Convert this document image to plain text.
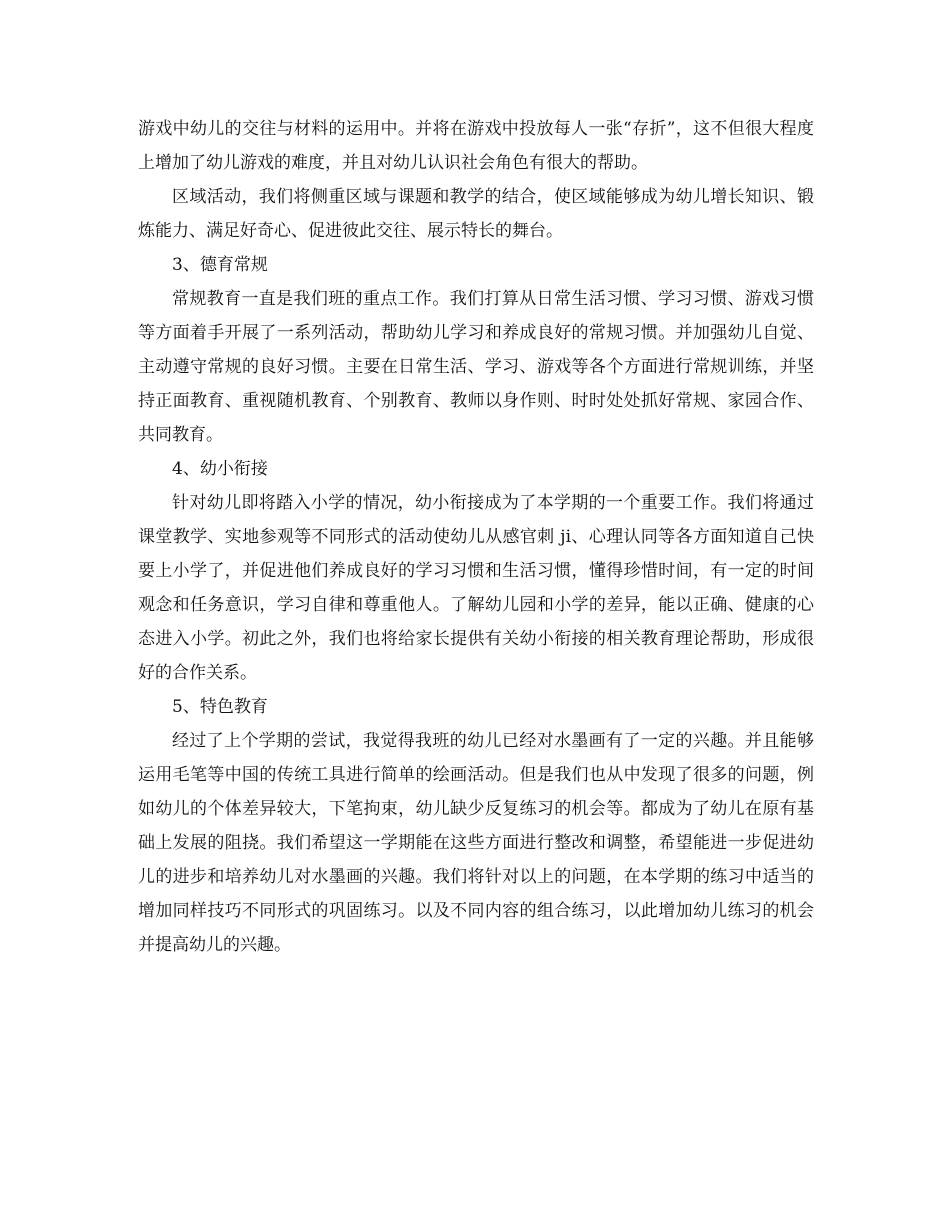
游戏中幼儿的交往与材料的运用中。并将在游戏中投放每人一张“存折”，这不但很大程度上增加了幼儿游戏的难度，并且对幼儿认识社会角色有很大的帮助。

区域活动，我们将侧重区域与课题和教学的结合，使区域能够成为幼儿增长知识、锻炼能力、满足好奇心、促进彼此交往、展示特长的舞台。

3、德育常规

常规教育一直是我们班的重点工作。我们打算从日常生活习惯、学习习惯、游戏习惯等方面着手开展了一系列活动，帮助幼儿学习和养成良好的常规习惯。并加强幼儿自觉、主动遵守常规的良好习惯。主要在日常生活、学习、游戏等各个方面进行常规训练，并坚持正面教育、重视随机教育、个别教育、教师以身作则、时时处处抓好常规、家园合作、共同教育。

4、幼小衔接

针对幼儿即将踏入小学的情况，幼小衔接成为了本学期的一个重要工作。我们将通过课堂教学、实地参观等不同形式的活动使幼儿从感官刺 ji、心理认同等各方面知道自己快要上小学了，并促进他们养成良好的学习习惯和生活习惯，懂得珍惜时间，有一定的时间观念和任务意识，学习自律和尊重他人。了解幼儿园和小学的差异，能以正确、健康的心态进入小学。初此之外，我们也将给家长提供有关幼小衔接的相关教育理论帮助，形成很好的合作关系。

5、特色教育

经过了上个学期的尝试，我觉得我班的幼儿已经对水墨画有了一定的兴趣。并且能够运用毛笔等中国的传统工具进行简单的绘画活动。但是我们也从中发现了很多的问题，例如幼儿的个体差异较大，下笔拘束，幼儿缺少反复练习的机会等。都成为了幼儿在原有基础上发展的阻挠。我们希望这一学期能在这些方面进行整改和调整，希望能进一步促进幼儿的进步和培养幼儿对水墨画的兴趣。我们将针对以上的问题，在本学期的练习中适当的增加同样技巧不同形式的巩固练习。以及不同内容的组合练习，以此增加幼儿练习的机会并提高幼儿的兴趣。
